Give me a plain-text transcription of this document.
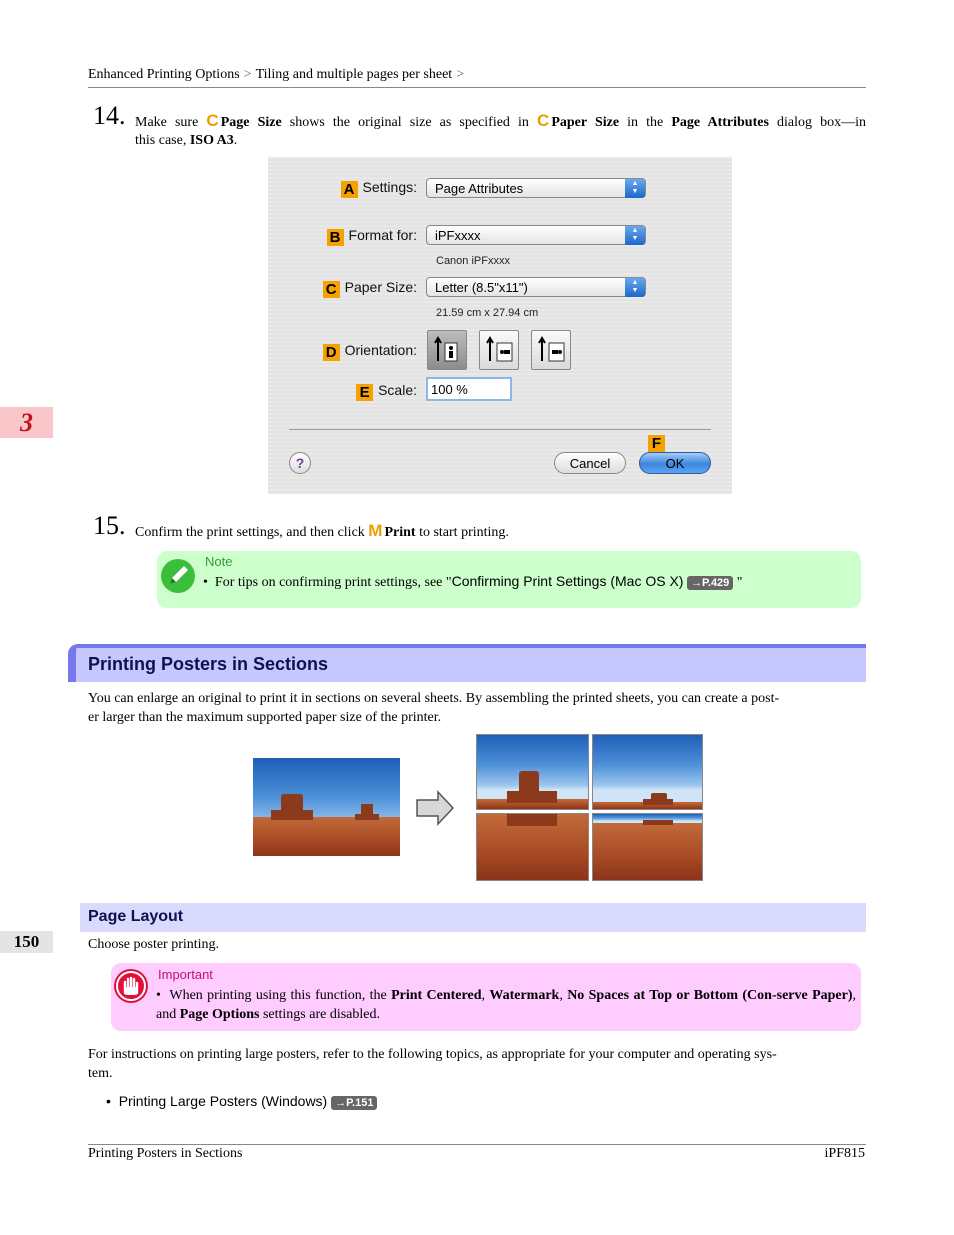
Enhanced Printing Options > Tiling and multiple pages per sheet >
3
150
14. Make sure C Page Size shows the original size as specified in C Paper Size in the Page Attributes dialog box—in
this case, ISO A3.
A Settings:	Page Attributes	▲
▼
B Format for:	iPFxxxx	▲
▼
Canon iPFxxxx
C Paper Size:	Letter (8.5"x11")	▲
▼
21.59 cm x 27.94 cm
D Orientation:
E Scale:	100 %
F
?	Cancel	OK
15. Confirm the print settings, and then click M Print to start printing.
Note
• For tips on confirming print settings, see "Confirming Print Settings (Mac OS X) →P.429 "
Printing Posters in Sections
You can enlarge an original to print it in sections on several sheets. By assembling the printed sheets, you can create a post-
er larger than the maximum supported paper size of the printer.
Page Layout
Choose poster printing.
Important
• When printing using this function, the Print Centered, Watermark, No Spaces at Top or Bottom (Con-serve Paper), and Page Options settings are disabled.
For instructions on printing large posters, refer to the following topics, as appropriate for your computer and operating sys-
tem.
• Printing Large Posters (Windows) →P.151
Printing Posters in Sections	iPF815
